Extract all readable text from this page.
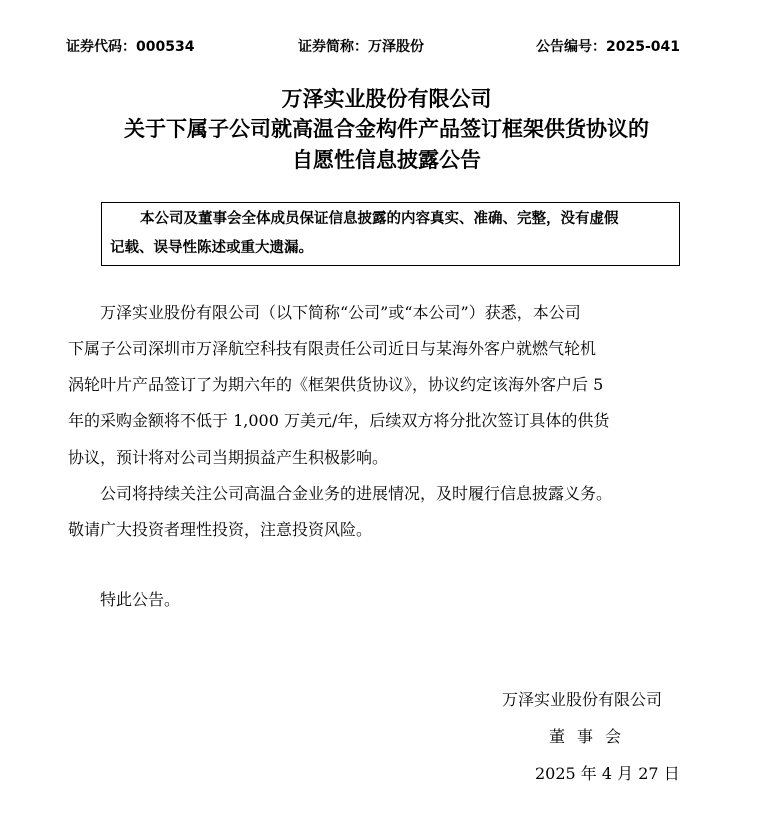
证券代码：000534	证券简称：万泽股份	公告编号：2025-041
万泽实业股份有限公司
关于下属子公司就高温合金构件产品签订框架供货协议的
自愿性信息披露公告
本公司及董事会全体成员保证信息披露的内容真实、准确、完整，没有虚假
记载、误导性陈述或重大遗漏。
　　万泽实业股份有限公司（以下简称“公司”或“本公司”）获悉，本公司
下属子公司深圳市万泽航空科技有限责任公司近日与某海外客户就燃气轮机
涡轮叶片产品签订了为期六年的《框架供货协议》，协议约定该海外客户后 5
年的采购金额将不低于 1,000 万美元/年，后续双方将分批次签订具体的供货
协议，预计将对公司当期损益产生积极影响。
　　公司将持续关注公司高温合金业务的进展情况，及时履行信息披露义务。
敬请广大投资者理性投资，注意投资风险。
　　特此公告。
万泽实业股份有限公司
董事会
2025 年 4 月 27 日
